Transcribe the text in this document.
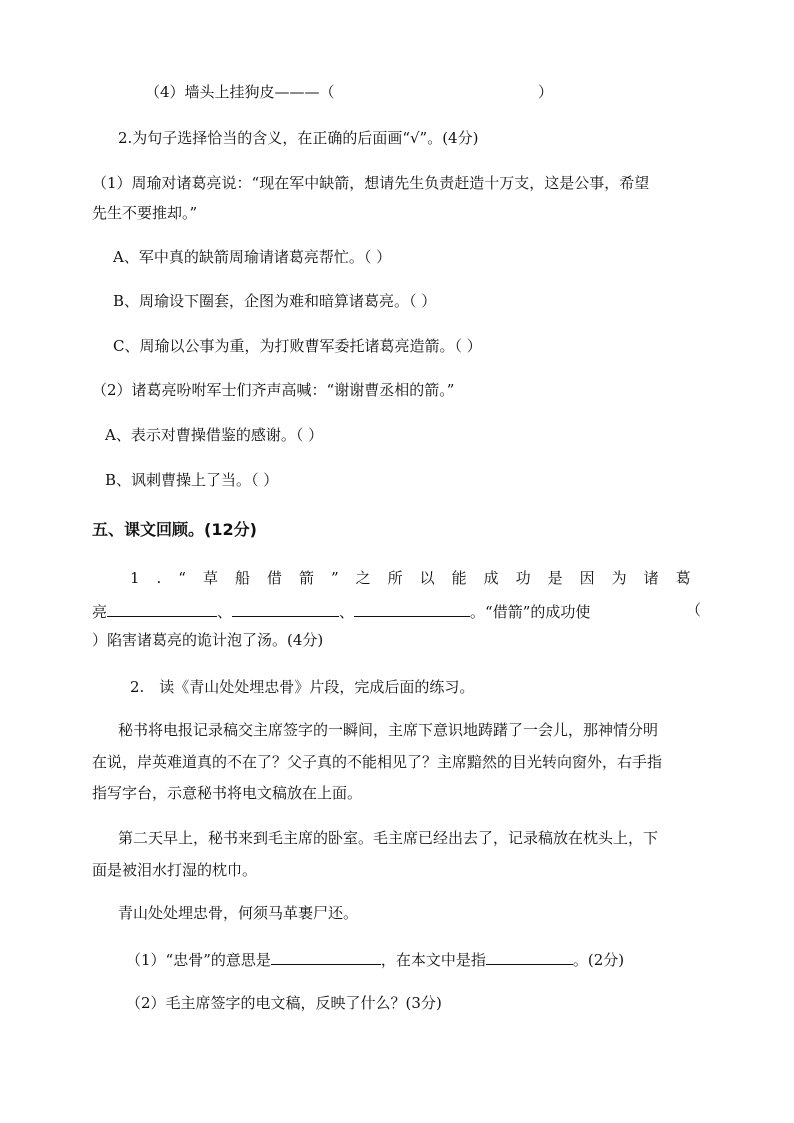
（4）墙头上挂狗皮———（	）
2.为句子选择恰当的含义，在正确的后面画“√”。(4分)
（1）周瑜对诸葛亮说：“现在军中缺箭，想请先生负责赶造十万支，这是公事，希望
先生不要推却。”
A、军中真的缺箭周瑜请诸葛亮帮忙。（ ）
B、周瑜设下圈套，企图为难和暗算诸葛亮。（ ）
C、周瑜以公事为重，为打败曹军委托诸葛亮造箭。（ ）
（2）诸葛亮吩咐军士们齐声高喊：“谢谢曹丞相的箭。”
A、表示对曹操借鉴的感谢。（ ）
B、讽刺曹操上了当。（ ）
五、课文回顾。(12分)
1.“草船借箭”之所以能成功是因为诸葛
亮	、	、	。“借箭”的成功使	（
）陷害诸葛亮的诡计泡了汤。(4分)
2.　读《青山处处埋忠骨》片段，完成后面的练习。
秘书将电报记录稿交主席签字的一瞬间，主席下意识地踌躇了一会儿，那神情分明
在说，岸英难道真的不在了？父子真的不能相见了？主席黯然的目光转向窗外，右手指
指写字台，示意秘书将电文稿放在上面。
第二天早上，秘书来到毛主席的卧室。毛主席已经出去了，记录稿放在枕头上，下
面是被泪水打湿的枕巾。
青山处处埋忠骨，何须马革裹尸还。
（1）“忠骨”的意思是	，在本文中是指	。(2分)
（2）毛主席签字的电文稿，反映了什么？(3分)
